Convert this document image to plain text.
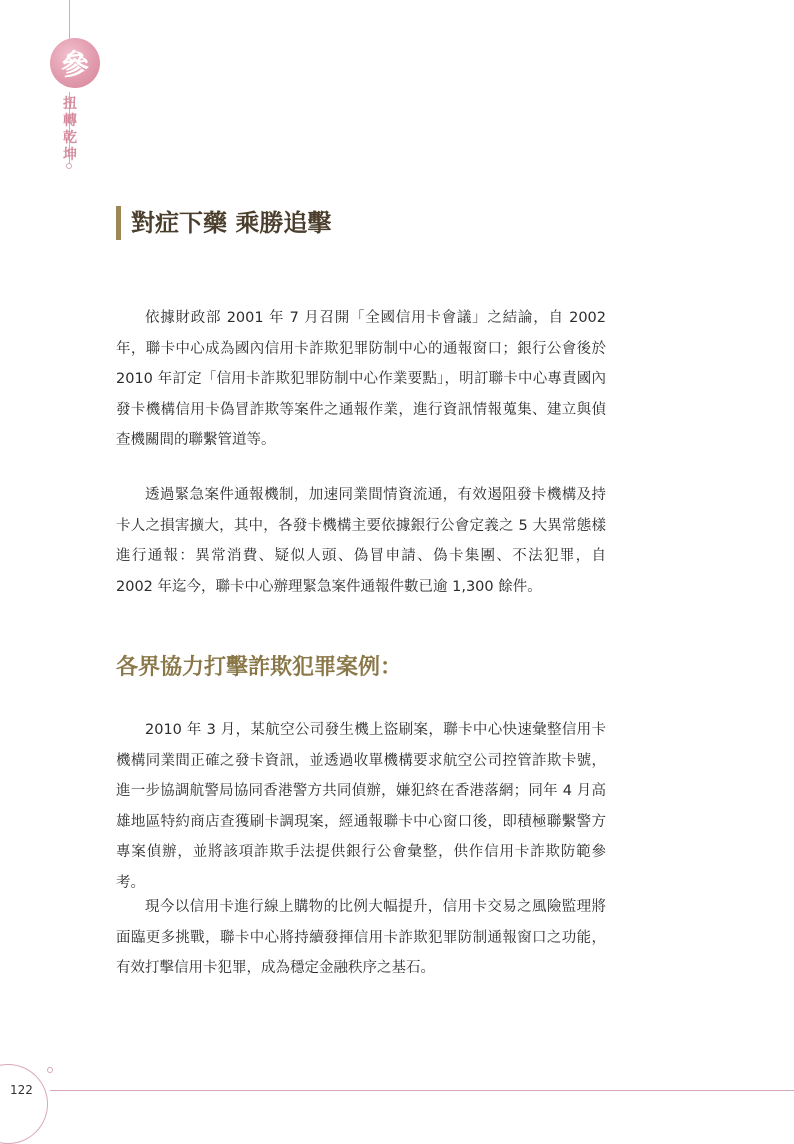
參
扭轉乾坤
對症下藥 乘勝追擊

依據財政部 2001 年 7 月召開「全國信用卡會議」之結論，自 2002 年，聯卡中心成為國內信用卡詐欺犯罪防制中心的通報窗口；銀行公會後於 2010 年訂定「信用卡詐欺犯罪防制中心作業要點」，明訂聯卡中心專責國內發卡機構信用卡偽冒詐欺等案件之通報作業，進行資訊情報蒐集、建立與偵查機關間的聯繫管道等。

透過緊急案件通報機制，加速同業間情資流通，有效遏阻發卡機構及持卡人之損害擴大，其中，各發卡機構主要依據銀行公會定義之 5 大異常態樣進行通報：異常消費、疑似人頭、偽冒申請、偽卡集團、不法犯罪，自 2002 年迄今，聯卡中心辦理緊急案件通報件數已逾 1,300 餘件。

各界協力打擊詐欺犯罪案例：

2010 年 3 月，某航空公司發生機上盜刷案，聯卡中心快速彙整信用卡機構同業間正確之發卡資訊，並透過收單機構要求航空公司控管詐欺卡號，進一步協調航警局協同香港警方共同偵辦，嫌犯終在香港落網；同年 4 月高雄地區特約商店查獲刷卡調現案，經通報聯卡中心窗口後，即積極聯繫警方專案偵辦，並將該項詐欺手法提供銀行公會彙整，供作信用卡詐欺防範參考。

現今以信用卡進行線上購物的比例大幅提升，信用卡交易之風險監理將面臨更多挑戰，聯卡中心將持續發揮信用卡詐欺犯罪防制通報窗口之功能，有效打擊信用卡犯罪，成為穩定金融秩序之基石。

122
